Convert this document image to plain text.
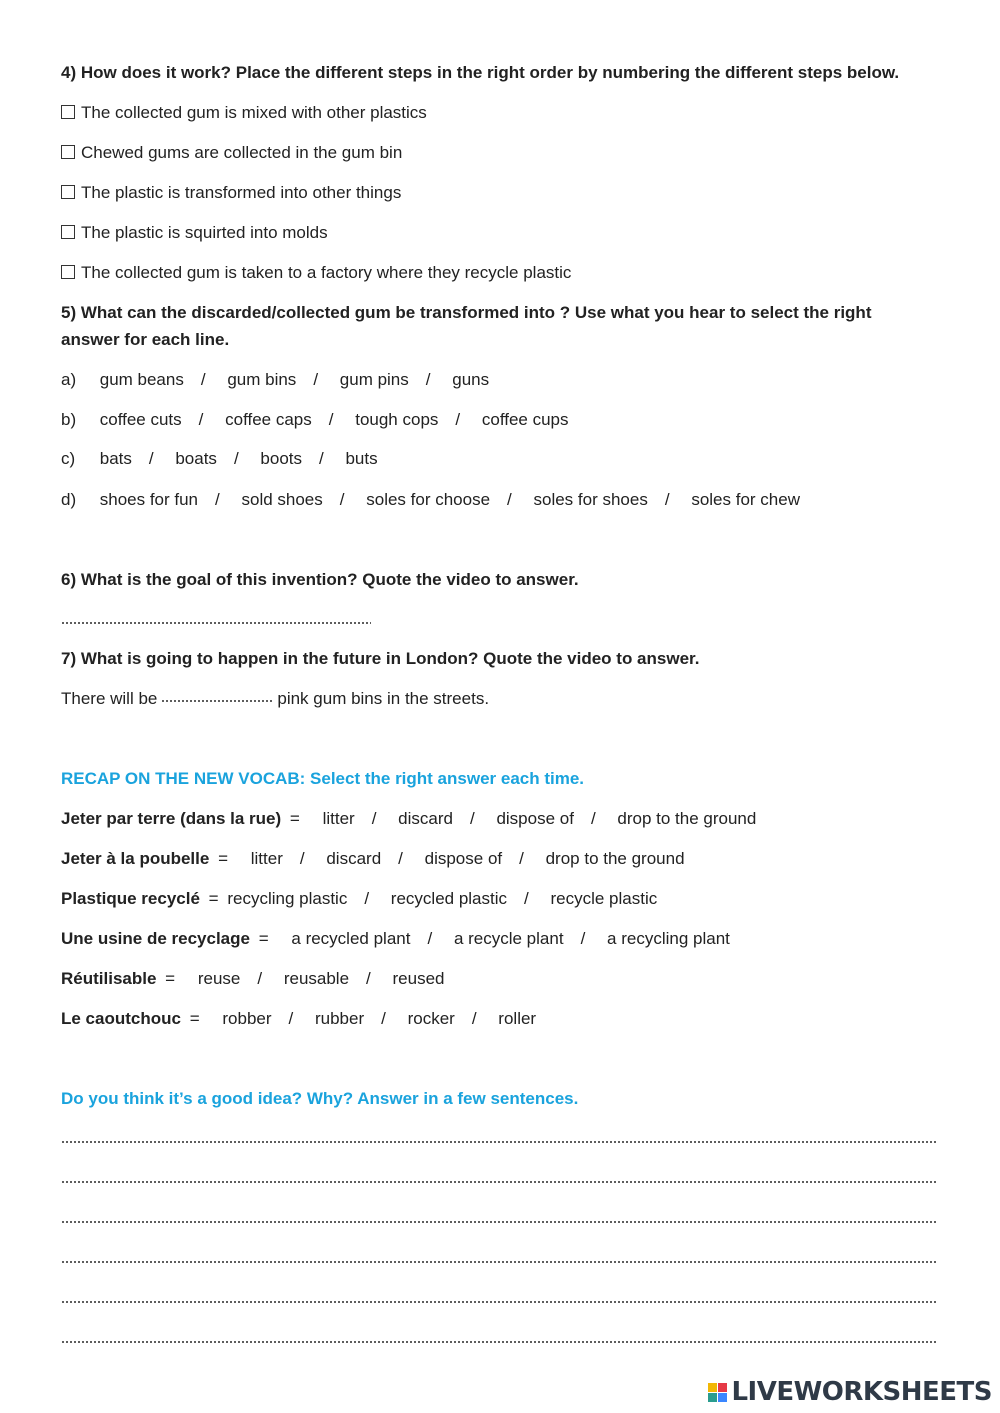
4) How does it work? Place the different steps in the right order by numbering the different steps below.
The collected gum is mixed with other plastics
Chewed gums are collected in the gum bin
The plastic is transformed into other things
The plastic is squirted into molds
The collected gum is taken to a factory where they recycle plastic
5) What can the discarded/collected gum be transformed into ? Use what you hear to select the right
answer for each line.
a) gum beans / gum bins / gum pins / guns
b) coffee cuts / coffee caps / tough cops / coffee cups
c) bats / boats / boots / buts
d) shoes for fun / sold shoes / soles for choose / soles for shoes / soles for chew
6) What is the goal of this invention? Quote the video to answer.
7) What is going to happen in the future in London? Quote the video to answer.
There will be	pink gum bins in the streets.
RECAP ON THE NEW VOCAB: Select the right answer each time.
Jeter par terre (dans la rue) = litter / discard / dispose of / drop to the ground
Jeter à la poubelle = litter / discard / dispose of / drop to the ground
Plastique recyclé = recycling plastic / recycled plastic / recycle plastic
Une usine de recyclage = a recycled plant / a recycle plant / a recycling plant
Réutilisable = reuse / reusable / reused
Le caoutchouc = robber / rubber / rocker / roller
Do you think it’s a good idea? Why? Answer in a few sentences.
LIVEWORKSHEETS
